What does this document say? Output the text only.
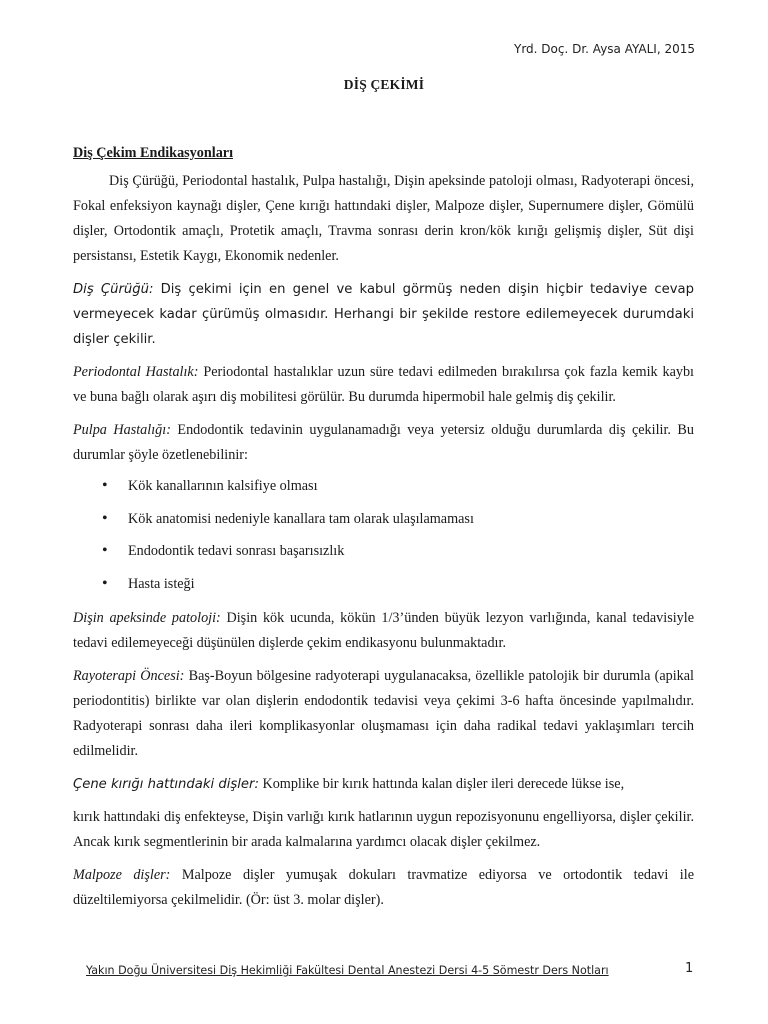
Yrd. Doç. Dr. Aysa AYALI, 2015
DİŞ ÇEKİMİ
Diş Çekim Endikasyonları

Diş Çürüğü, Periodontal hastalık, Pulpa hastalığı, Dişin apeksinde patoloji olması, Radyoterapi öncesi, Fokal enfeksiyon kaynağı dişler, Çene kırığı hattındaki dişler, Malpoze dişler, Supernumere dişler, Gömülü dişler, Ortodontik amaçlı, Protetik amaçlı, Travma sonrası derin kron/kök kırığı gelişmiş dişler, Süt dişi persistansı, Estetik Kaygı, Ekonomik nedenler.

Diş Çürüğü: Diş çekimi için en genel ve kabul görmüş neden dişin hiçbir tedaviye cevap vermeyecek kadar çürümüş olmasıdır. Herhangi bir şekilde restore edilemeyecek durumdaki dişler çekilir.

Periodontal Hastalık: Periodontal hastalıklar uzun süre tedavi edilmeden bırakılırsa çok fazla kemik kaybı ve buna bağlı olarak aşırı diş mobilitesi görülür. Bu durumda hipermobil hale gelmiş diş çekilir.

Pulpa Hastalığı: Endodontik tedavinin uygulanamadığı veya yetersiz olduğu durumlarda diş çekilir. Bu durumlar şöyle özetlenebilinir:

• Kök kanallarının kalsifiye olması
• Kök anatomisi nedeniyle kanallara tam olarak ulaşılamaması
• Endodontik tedavi sonrası başarısızlık
• Hasta isteği

Dişin apeksinde patoloji: Dişin kök ucunda, kökün 1/3’ünden büyük lezyon varlığında, kanal tedavisiyle tedavi edilemeyeceği düşünülen dişlerde çekim endikasyonu bulunmaktadır.

Rayoterapi Öncesi: Baş-Boyun bölgesine radyoterapi uygulanacaksa, özellikle patolojik bir durumla (apikal periodontitis) birlikte var olan dişlerin endodontik tedavisi veya çekimi 3-6 hafta öncesinde yapılmalıdır. Radyoterapi sonrası daha ileri komplikasyonlar oluşmaması için daha radikal tedavi yaklaşımları tercih edilmelidir.

Çene kırığı hattındaki dişler: Komplike bir kırık hattında kalan dişler ileri derecede lükse ise,

kırık hattındaki diş enfekteyse, Dişin varlığı kırık hatlarının uygun repozisyonunu engelliyorsa, dişler çekilir. Ancak kırık segmentlerinin bir arada kalmalarına yardımcı olacak dişler çekilmez.

Malpoze dişler: Malpoze dişler yumuşak dokuları travmatize ediyorsa ve ortodontik tedavi ile düzeltilemiyorsa çekilmelidir. (Ör: üst 3. molar dişler).

Yakın Doğu Üniversitesi Diş Hekimliği Fakültesi Dental Anestezi Dersi 4-5 Sömestr Ders Notları	1
